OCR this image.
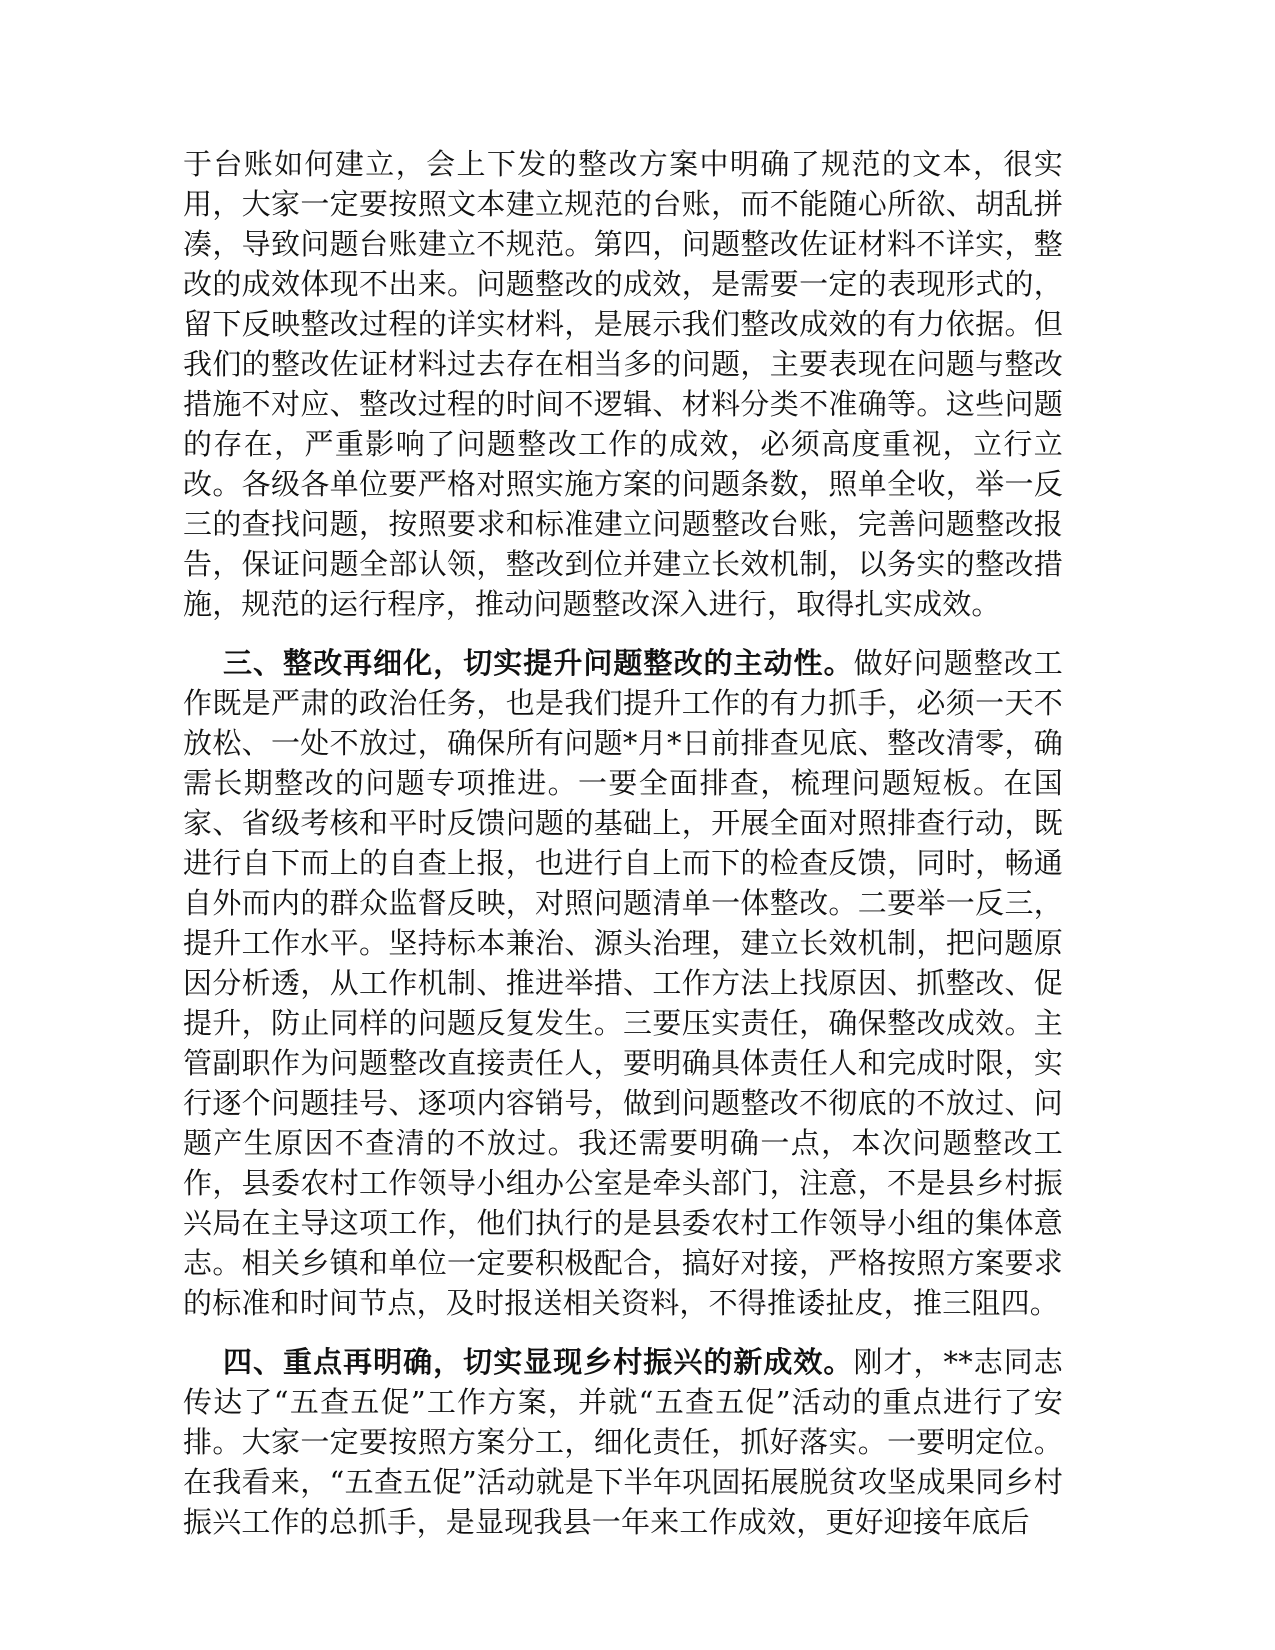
于台账如何建立，会上下发的整改方案中明确了规范的文本，很实用，大家一定要按照文本建立规范的台账，而不能随心所欲、胡乱拼凑，导致问题台账建立不规范。第四，问题整改佐证材料不详实，整改的成效体现不出来。问题整改的成效，是需要一定的表现形式的，留下反映整改过程的详实材料，是展示我们整改成效的有力依据。但我们的整改佐证材料过去存在相当多的问题，主要表现在问题与整改措施不对应、整改过程的时间不逻辑、材料分类不准确等。这些问题的存在，严重影响了问题整改工作的成效，必须高度重视，立行立改。各级各单位要严格对照实施方案的问题条数，照单全收，举一反三的查找问题，按照要求和标准建立问题整改台账，完善问题整改报告，保证问题全部认领，整改到位并建立长效机制，以务实的整改措施，规范的运行程序，推动问题整改深入进行，取得扎实成效。

三、整改再细化，切实提升问题整改的主动性。做好问题整改工作既是严肃的政治任务，也是我们提升工作的有力抓手，必须一天不放松、一处不放过，确保所有问题*月*日前排查见底、整改清零，确需长期整改的问题专项推进。一要全面排查，梳理问题短板。在国家、省级考核和平时反馈问题的基础上，开展全面对照排查行动，既进行自下而上的自查上报，也进行自上而下的检查反馈，同时，畅通自外而内的群众监督反映，对照问题清单一体整改。二要举一反三，提升工作水平。坚持标本兼治、源头治理，建立长效机制，把问题原因分析透，从工作机制、推进举措、工作方法上找原因、抓整改、促提升，防止同样的问题反复发生。三要压实责任，确保整改成效。主管副职作为问题整改直接责任人，要明确具体责任人和完成时限，实行逐个问题挂号、逐项内容销号，做到问题整改不彻底的不放过、问题产生原因不查清的不放过。我还需要明确一点，本次问题整改工作，县委农村工作领导小组办公室是牵头部门，注意，不是县乡村振兴局在主导这项工作，他们执行的是县委农村工作领导小组的集体意志。相关乡镇和单位一定要积极配合，搞好对接，严格按照方案要求的标准和时间节点，及时报送相关资料，不得推诿扯皮，推三阻四。

四、重点再明确，切实显现乡村振兴的新成效。刚才，**志同志传达了“五查五促”工作方案，并就“五查五促”活动的重点进行了安排。大家一定要按照方案分工，细化责任，抓好落实。一要明定位。在我看来，“五查五促”活动就是下半年巩固拓展脱贫攻坚成果同乡村振兴工作的总抓手，是显现我县一年来工作成效，更好迎接年底后
